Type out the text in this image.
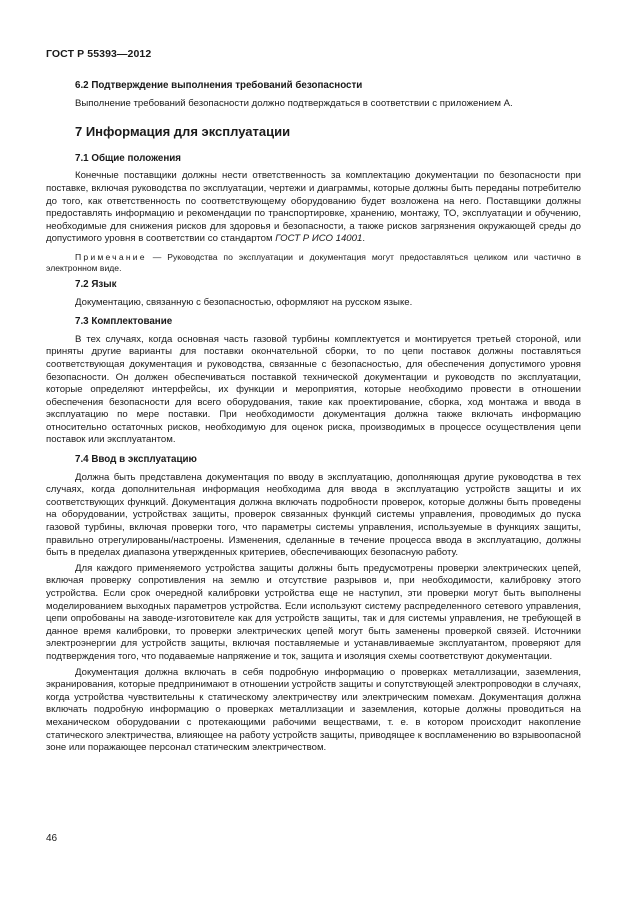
ГОСТ Р 55393—2012
6.2 Подтверждение выполнения требований безопасности
Выполнение требований безопасности должно подтверждаться в соответствии с приложением А.
7 Информация для эксплуатации
7.1 Общие положения
Конечные поставщики должны нести ответственность за комплектацию документации по безопасности при поставке, включая руководства по эксплуатации, чертежи и диаграммы, которые должны быть переданы потребителю до того, как ответственность по соответствующему оборудованию будет возложена на него. Поставщики должны предоставлять информацию и рекомендации по транспортировке, хранению, монтажу, ТО, эксплуатации и обучению, необходимые для снижения рисков для здоровья и безопасности, а также рисков загрязнения окружающей среды до допустимого уровня в соответствии со стандартом ГОСТ Р ИСО 14001.
Примечание — Руководства по эксплуатации и документация могут предоставляться целиком или частично в электронном виде.
7.2 Язык
Документацию, связанную с безопасностью, оформляют на русском языке.
7.3 Комплектование
В тех случаях, когда основная часть газовой турбины комплектуется и монтируется третьей стороной, или приняты другие варианты для поставки окончательной сборки, то по цепи поставок должны поставляться соответствующая документация и руководства, связанные с безопасностью, для обеспечения допустимого уровня безопасности. Он должен обеспечиваться поставкой технической документации и руководств по эксплуатации, которые определяют интерфейсы, их функции и мероприятия, которые необходимо провести в отношении обеспечения безопасности для всего оборудования, такие как проектирование, сборка, ход монтажа и ввода в эксплуатацию по мере поставки. При необходимости документация должна также включать информацию относительно остаточных рисков, необходимую для оценок риска, производимых в процессе осуществления цепи поставок или эксплуатантом.
7.4 Ввод в эксплуатацию
Должна быть представлена документация по вводу в эксплуатацию, дополняющая другие руководства в тех случаях, когда дополнительная информация необходима для ввода в эксплуатацию устройств защиты и их соответствующих функций. Документация должна включать подробности проверок, которые должны быть проведены на оборудовании, устройствах защиты, проверок связанных функций системы управления, проводимых до пуска газовой турбины, включая проверки того, что параметры системы управления, используемые в функциях защиты, правильно отрегулированы/настроены. Изменения, сделанные в течение процесса ввода в эксплуатацию, должны быть в пределах диапазона утвержденных критериев, обеспечивающих безопасную работу.
Для каждого применяемого устройства защиты должны быть предусмотрены проверки электрических цепей, включая проверку сопротивления на землю и отсутствие разрывов и, при необходимости, калибровку этого устройства. Если срок очередной калибровки устройства еще не наступил, эти проверки могут быть выполнены моделированием выходных параметров устройства. Если используют систему распределенного сетевого управления, цепи опробованы на заводе-изготовителе как для устройств защиты, так и для системы управления, не требующей в данное время калибровки, то проверки электрических цепей могут быть заменены проверкой связей. Источники электроэнергии для устройств защиты, включая поставляемые и устанавливаемые эксплуатантом, проверяют для подтверждения того, что подаваемые напряжение и ток, защита и изоляция схемы соответствуют документации.
Документация должна включать в себя подробную информацию о проверках металлизации, заземления, экранирования, которые предпринимают в отношении устройств защиты и сопутствующей электропроводки в случаях, когда устройства чувствительны к статическому электричеству или электрическим помехам. Документация должна включать подробную информацию о проверках металлизации и заземления, которые должны проводиться на механическом оборудовании с протекающими рабочими веществами, т. е. в котором происходит накопление статического электричества, влияющее на работу устройств защиты, приводящее к воспламенению во взрывоопасной зоне или поражающее персонал статическим электричеством.
46
